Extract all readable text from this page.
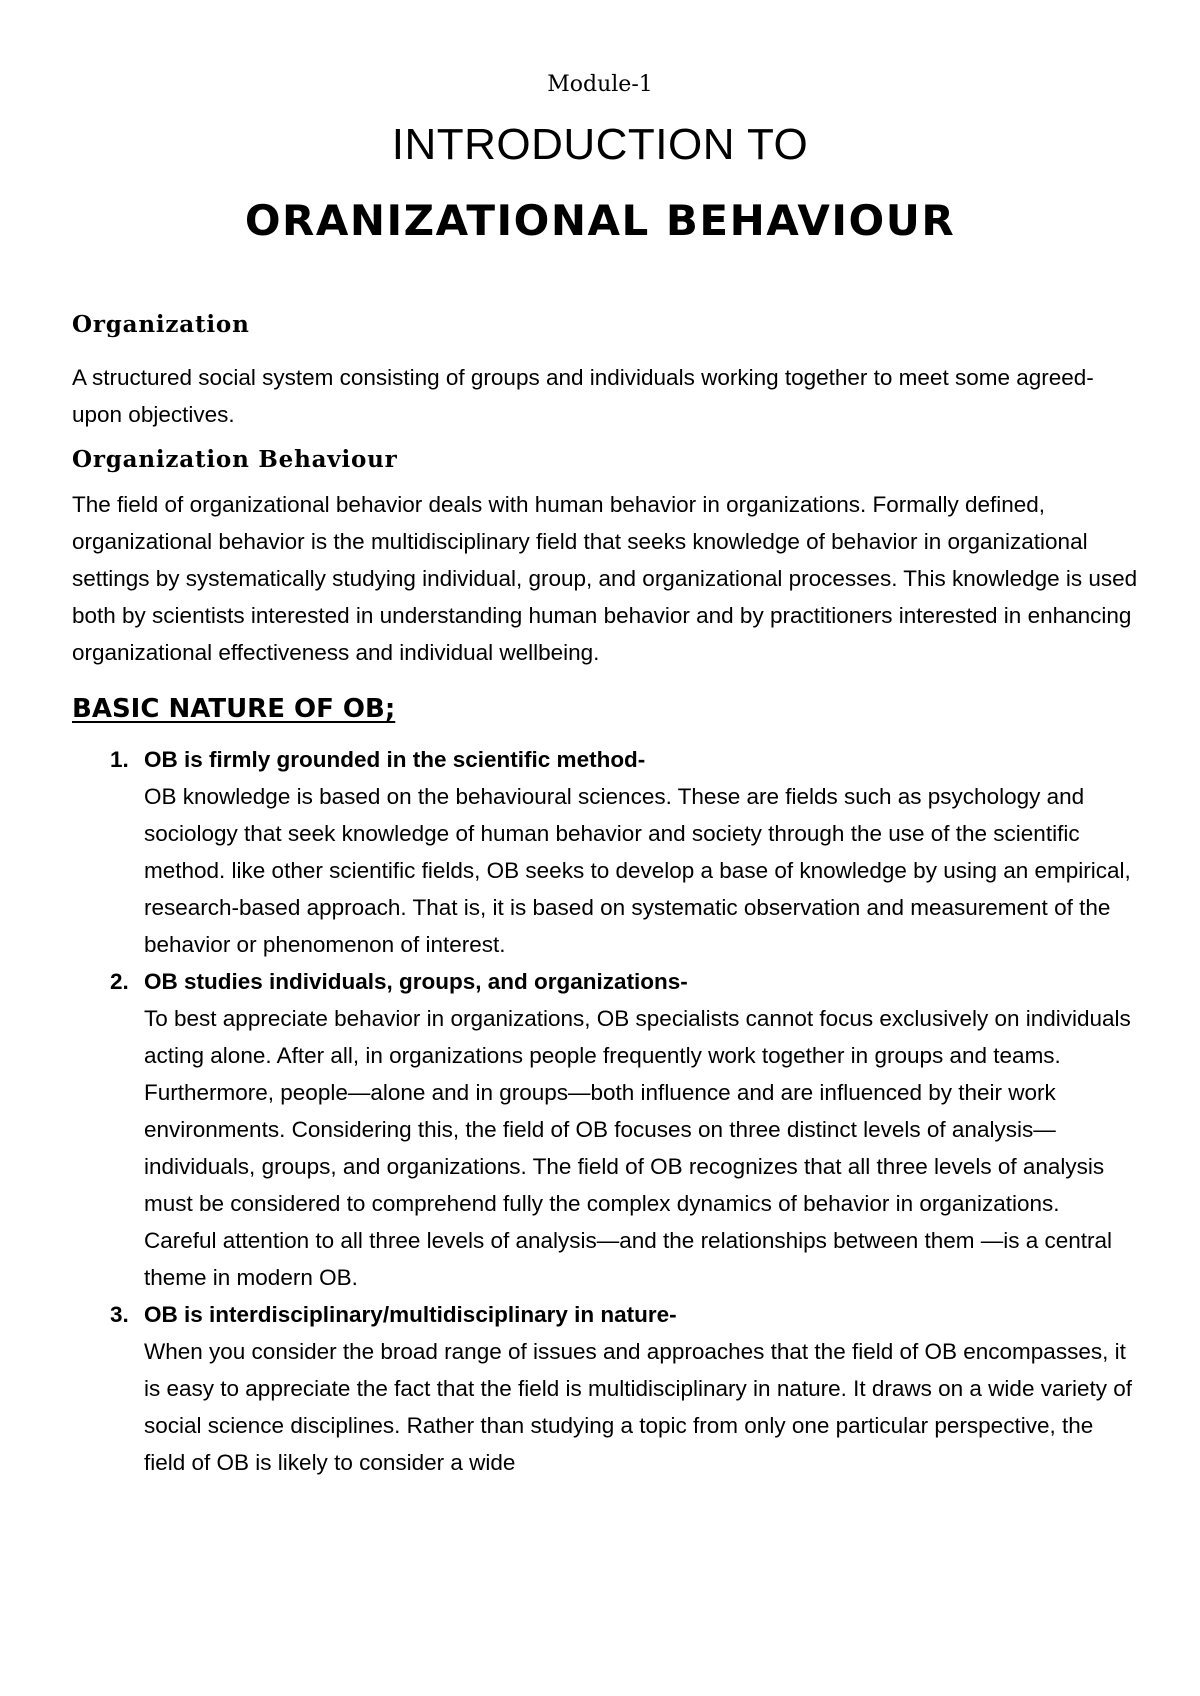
Module-1
INTRODUCTION TO
ORANIZATIONAL BEHAVIOUR
Organization

A structured social system consisting of groups and individuals working together to meet some agreed-upon objectives.

Organization Behaviour

The field of organizational behavior deals with human behavior in organizations. Formally defined, organizational behavior is the multidisciplinary field that seeks knowledge of behavior in organizational settings by systematically studying individual, group, and organizational processes. This knowledge is used both by scientists interested in understanding human behavior and by practitioners interested in enhancing organizational effectiveness and individual wellbeing.

BASIC NATURE OF OB;
1. OB is firmly grounded in the scientific method-
OB knowledge is based on the behavioural sciences. These are fields such as psychology and sociology that seek knowledge of human behavior and society through the use of the scientific method. like other scientific fields, OB seeks to develop a base of knowledge by using an empirical, research-based approach. That is, it is based on systematic observation and measurement of the behavior or phenomenon of interest.
2. OB studies individuals, groups, and organizations-
To best appreciate behavior in organizations, OB specialists cannot focus exclusively on individuals acting alone. After all, in organizations people frequently work together in groups and teams. Furthermore, people—alone and in groups—both influence and are influenced by their work environments. Considering this, the field of OB focuses on three distinct levels of analysis—individuals, groups, and organizations. The field of OB recognizes that all three levels of analysis must be considered to comprehend fully the complex dynamics of behavior in organizations. Careful attention to all three levels of analysis—and the relationships between them —is a central theme in modern OB.
3. OB is interdisciplinary/multidisciplinary in nature-
When you consider the broad range of issues and approaches that the field of OB encompasses, it is easy to appreciate the fact that the field is multidisciplinary in nature. It draws on a wide variety of social science disciplines. Rather than studying a topic from only one particular perspective, the field of OB is likely to consider a wide
